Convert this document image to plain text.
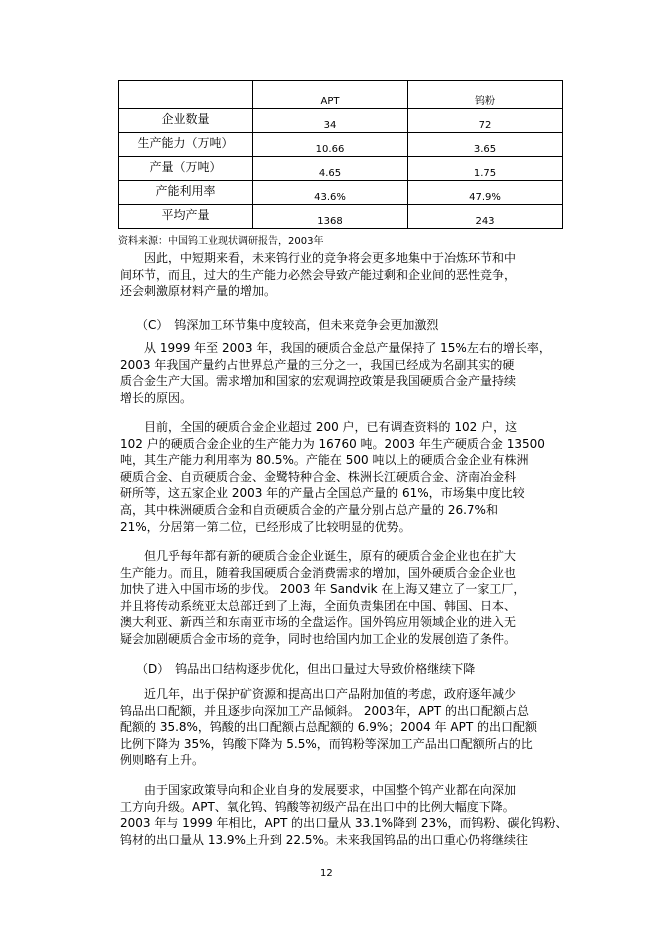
	APT	钨粉
企业数量	34	72
生产能力（万吨）	10.66	3.65
产量（万吨）	4.65	1.75
产能利用率	43.6%	47.9%
平均产量	1368	243
资料来源：中国钨工业现状调研报告，2003年
因此，中短期来看，未来钨行业的竞争将会更多地集中于冶炼环节和中
间环节，而且，过大的生产能力必然会导致产能过剩和企业间的恶性竞争，
还会刺激原材料产量的增加。
（C）　钨深加工环节集中度较高，但未来竞争会更加激烈
从 1999 年至 2003 年，我国的硬质合金总产量保持了 15%左右的增长率，
2003 年我国产量约占世界总产量的三分之一，我国已经成为名副其实的硬
质合金生产大国。需求增加和国家的宏观调控政策是我国硬质合金产量持续
增长的原因。
目前，全国的硬质合金企业超过 200 户，已有调查资料的 102 户，这
102 户的硬质合金企业的生产能力为 16760 吨。2003 年生产硬质合金 13500
吨，其生产能力利用率为 80.5%。产能在 500 吨以上的硬质合金企业有株洲
硬质合金、自贡硬质合金、金鹭特种合金、株洲长江硬质合金、济南冶金科
研所等，这五家企业 2003 年的产量占全国总产量的 61%，市场集中度比较
高，其中株洲硬质合金和自贡硬质合金的产量分别占总产量的 26.7%和
21%，分居第一第二位，已经形成了比较明显的优势。
但几乎每年都有新的硬质合金企业诞生，原有的硬质合金企业也在扩大
生产能力。而且，随着我国硬质合金消费需求的增加，国外硬质合金企业也
加快了进入中国市场的步伐。 2003 年 Sandvik 在上海又建立了一家工厂，
并且将传动系统亚太总部迁到了上海，全面负责集团在中国、韩国、日本、
澳大利亚、新西兰和东南亚市场的全盘运作。国外钨应用领域企业的进入无
疑会加剧硬质合金市场的竞争，同时也给国内加工企业的发展创造了条件。
（D）　钨品出口结构逐步优化，但出口量过大导致价格继续下降
近几年，出于保护矿资源和提高出口产品附加值的考虑，政府逐年减少
钨品出口配额，并且逐步向深加工产品倾斜。 2003年，APT 的出口配额占总
配额的 35.8%，钨酸的出口配额占总配额的 6.9%；2004 年 APT 的出口配额
比例下降为 35%，钨酸下降为 5.5%，而钨粉等深加工产品出口配额所占的比
例则略有上升。
由于国家政策导向和企业自身的发展要求，中国整个钨产业都在向深加
工方向升级。APT、氧化钨、钨酸等初级产品在出口中的比例大幅度下降。
2003 年与 1999 年相比，APT 的出口量从 33.1%降到 23%，而钨粉、碳化钨粉、
钨材的出口量从 13.9%上升到 22.5%。未来我国钨品的出口重心仍将继续往
12
